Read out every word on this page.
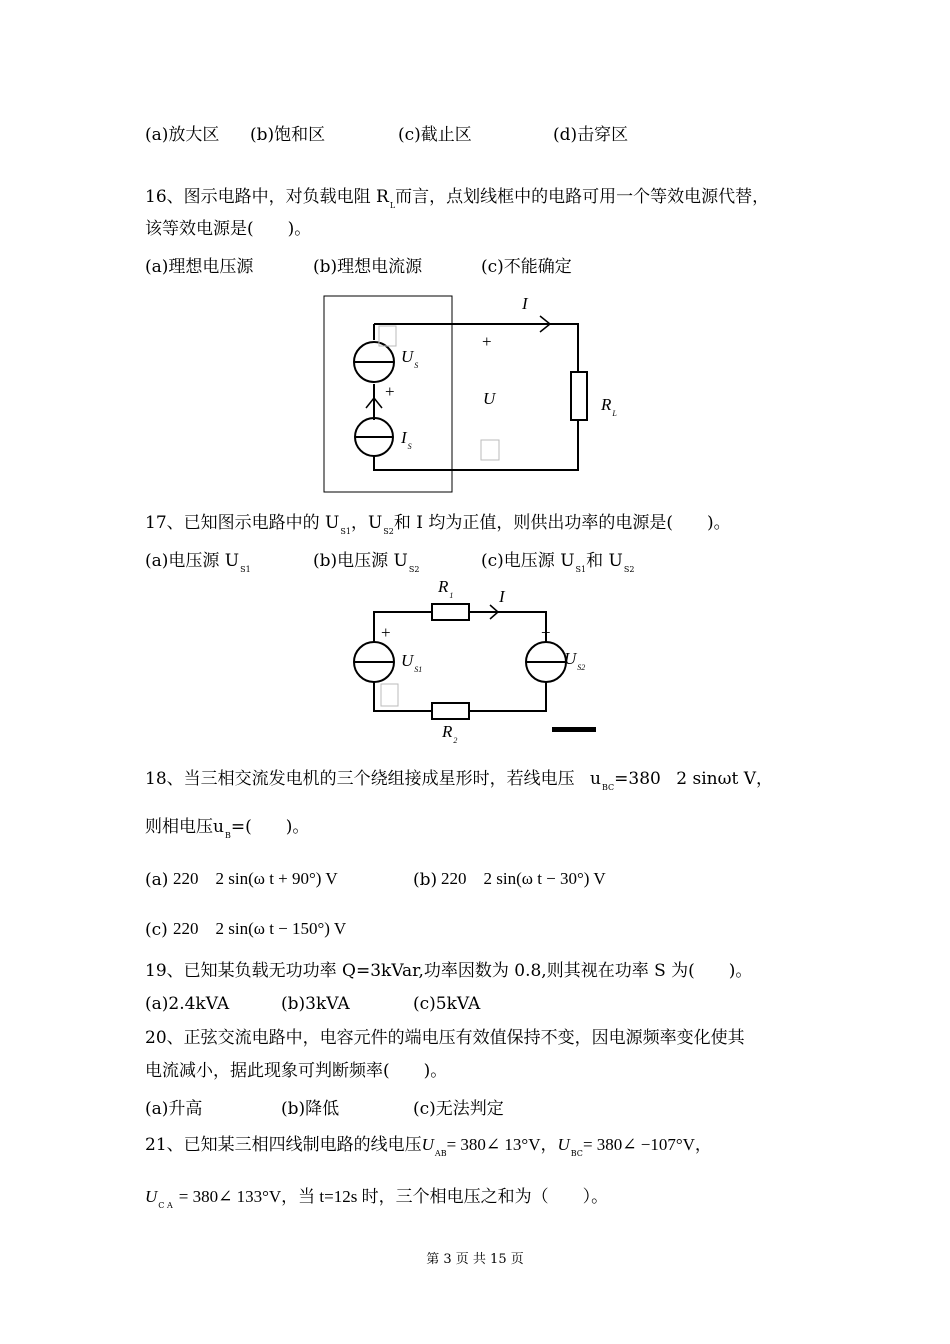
(a)放大区 (b)饱和区	(c)截止区	(d)击穿区
16、图示电路中，对负载电阻 $R_L$而言，点划线框中的电路可用一个等效电源代替，
该等效电源是(　　)。
(a)理想电压源	(b)理想电流源	(c)不能确定
I
+
+
$U_S$
U
$I_S$
$R_L$
17、已知图示电路中的 $U_{S1}$，$U_{S2}$和 I 均为正值，则供出功率的电源是(　　)。
(a)电压源 $U_{S1}$	(b)电压源 $U_{S2}$	(c)电压源 $U_{S1}$和 $U_{S2}$
$R_1$	I
+	+
$U_{S1}$
$U_{S2}$
$R_2$
18、当三相交流发电机的三个绕组接成星形时，若线电压 $u_{BC}=380$ 2 sinωt V，
则相电压$u_B=$(　　)。
(a) 220　2 sin(ω t + 90°) V	(b) 220　2 sin(ω t − 30°) V
(c) 220　2 sin(ω t − 150°) V
19、已知某负载无功功率 Q=3kVar,功率因数为 0.8,则其视在功率 S 为(　　)。
(a)2.4kVA	(b)3kVA	(c)5kVA
20、正弦交流电路中，电容元件的端电压有效值保持不变，因电源频率变化使其
电流减小，据此现象可判断频率(　　)。
(a)升高	(b)降低	(c)无法判定
21、已知某三相四线制电路的线电压$U_{AB}=$ 380∠ 13°V，$U_{BC}=$ 380∠ −107°V，
$U_{C A}$ = 380∠ 133°V，当 t=12s 时，三个相电压之和为（　　）。
第 3 页 共 15 页
